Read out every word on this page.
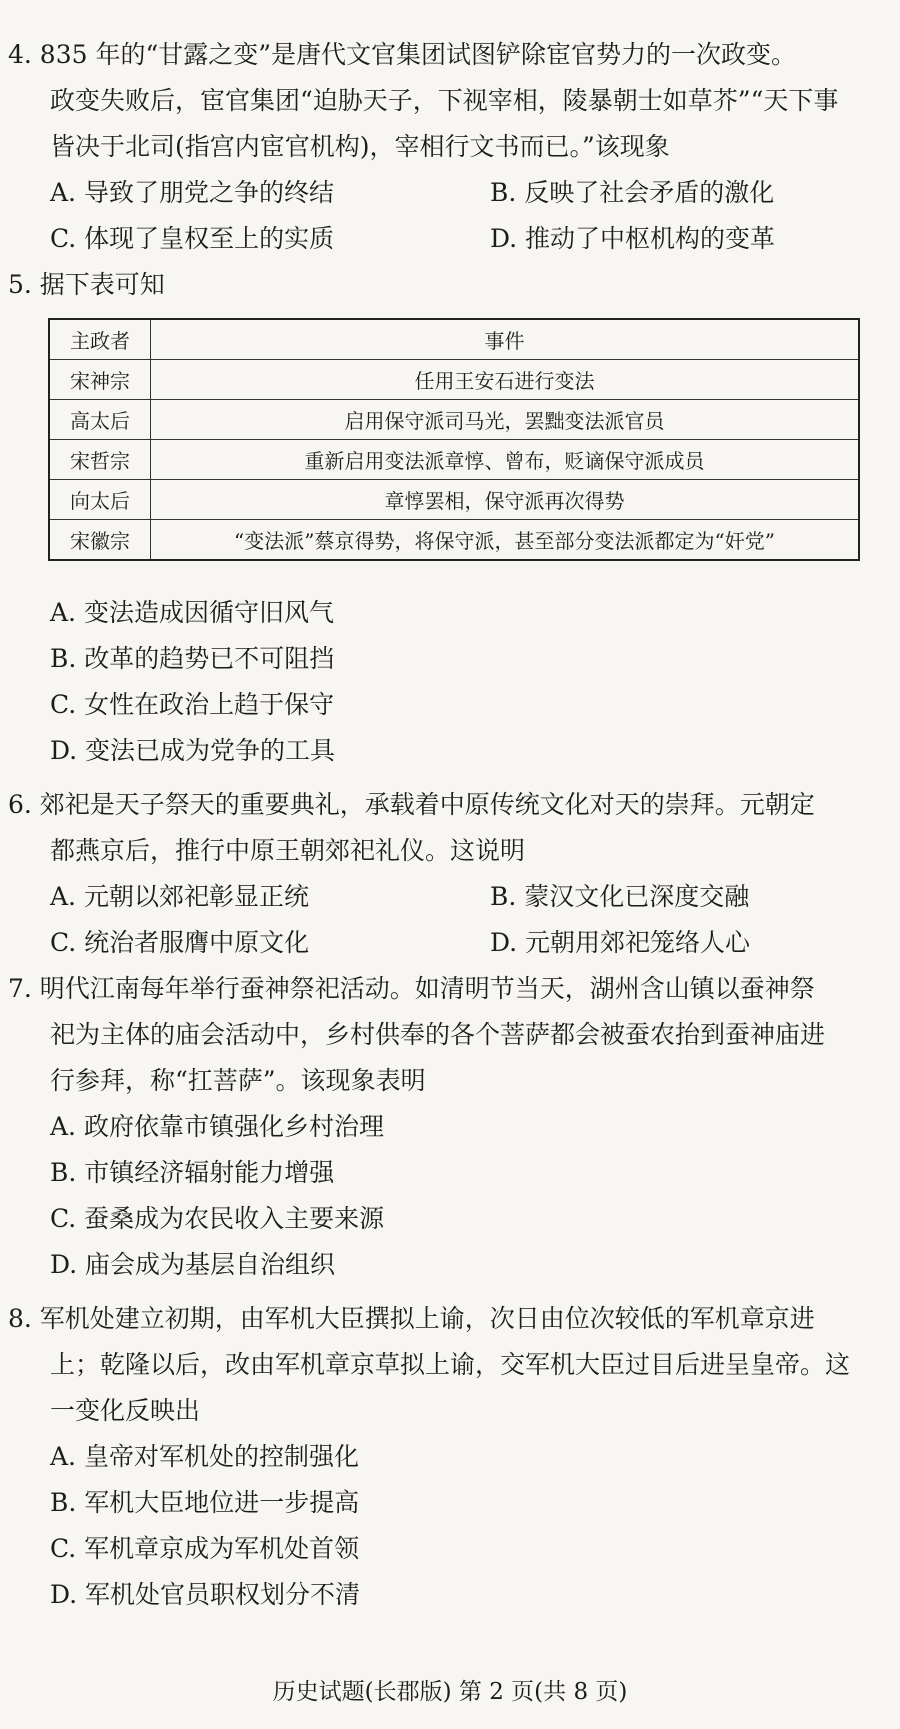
4. 835 年的“甘露之变”是唐代文官集团试图铲除宦官势力的一次政变。
政变失败后，宦官集团“迫胁天子，下视宰相，陵暴朝士如草芥”“天下事
皆决于北司(指宫内宦官机构)，宰相行文书而已。”该现象
A. 导致了朋党之争的终结	B. 反映了社会矛盾的激化
C. 体现了皇权至上的实质	D. 推动了中枢机构的变革
5. 据下表可知
主政者	事件
宋神宗	任用王安石进行变法
高太后	启用保守派司马光，罢黜变法派官员
宋哲宗	重新启用变法派章惇、曾布，贬谪保守派成员
向太后	章惇罢相，保守派再次得势
宋徽宗	“变法派”蔡京得势，将保守派，甚至部分变法派都定为“奸党”
A. 变法造成因循守旧风气
B. 改革的趋势已不可阻挡
C. 女性在政治上趋于保守
D. 变法已成为党争的工具
6. 郊祀是天子祭天的重要典礼，承载着中原传统文化对天的崇拜。元朝定
都燕京后，推行中原王朝郊祀礼仪。这说明
A. 元朝以郊祀彰显正统	B. 蒙汉文化已深度交融
C. 统治者服膺中原文化	D. 元朝用郊祀笼络人心
7. 明代江南每年举行蚕神祭祀活动。如清明节当天，湖州含山镇以蚕神祭
祀为主体的庙会活动中，乡村供奉的各个菩萨都会被蚕农抬到蚕神庙进
行参拜，称“扛菩萨”。该现象表明
A. 政府依靠市镇强化乡村治理
B. 市镇经济辐射能力增强
C. 蚕桑成为农民收入主要来源
D. 庙会成为基层自治组织
8. 军机处建立初期，由军机大臣撰拟上谕，次日由位次较低的军机章京进
上；乾隆以后，改由军机章京草拟上谕，交军机大臣过目后进呈皇帝。这
一变化反映出
A. 皇帝对军机处的控制强化
B. 军机大臣地位进一步提高
C. 军机章京成为军机处首领
D. 军机处官员职权划分不清
历史试题(长郡版) 第 2 页(共 8 页)
